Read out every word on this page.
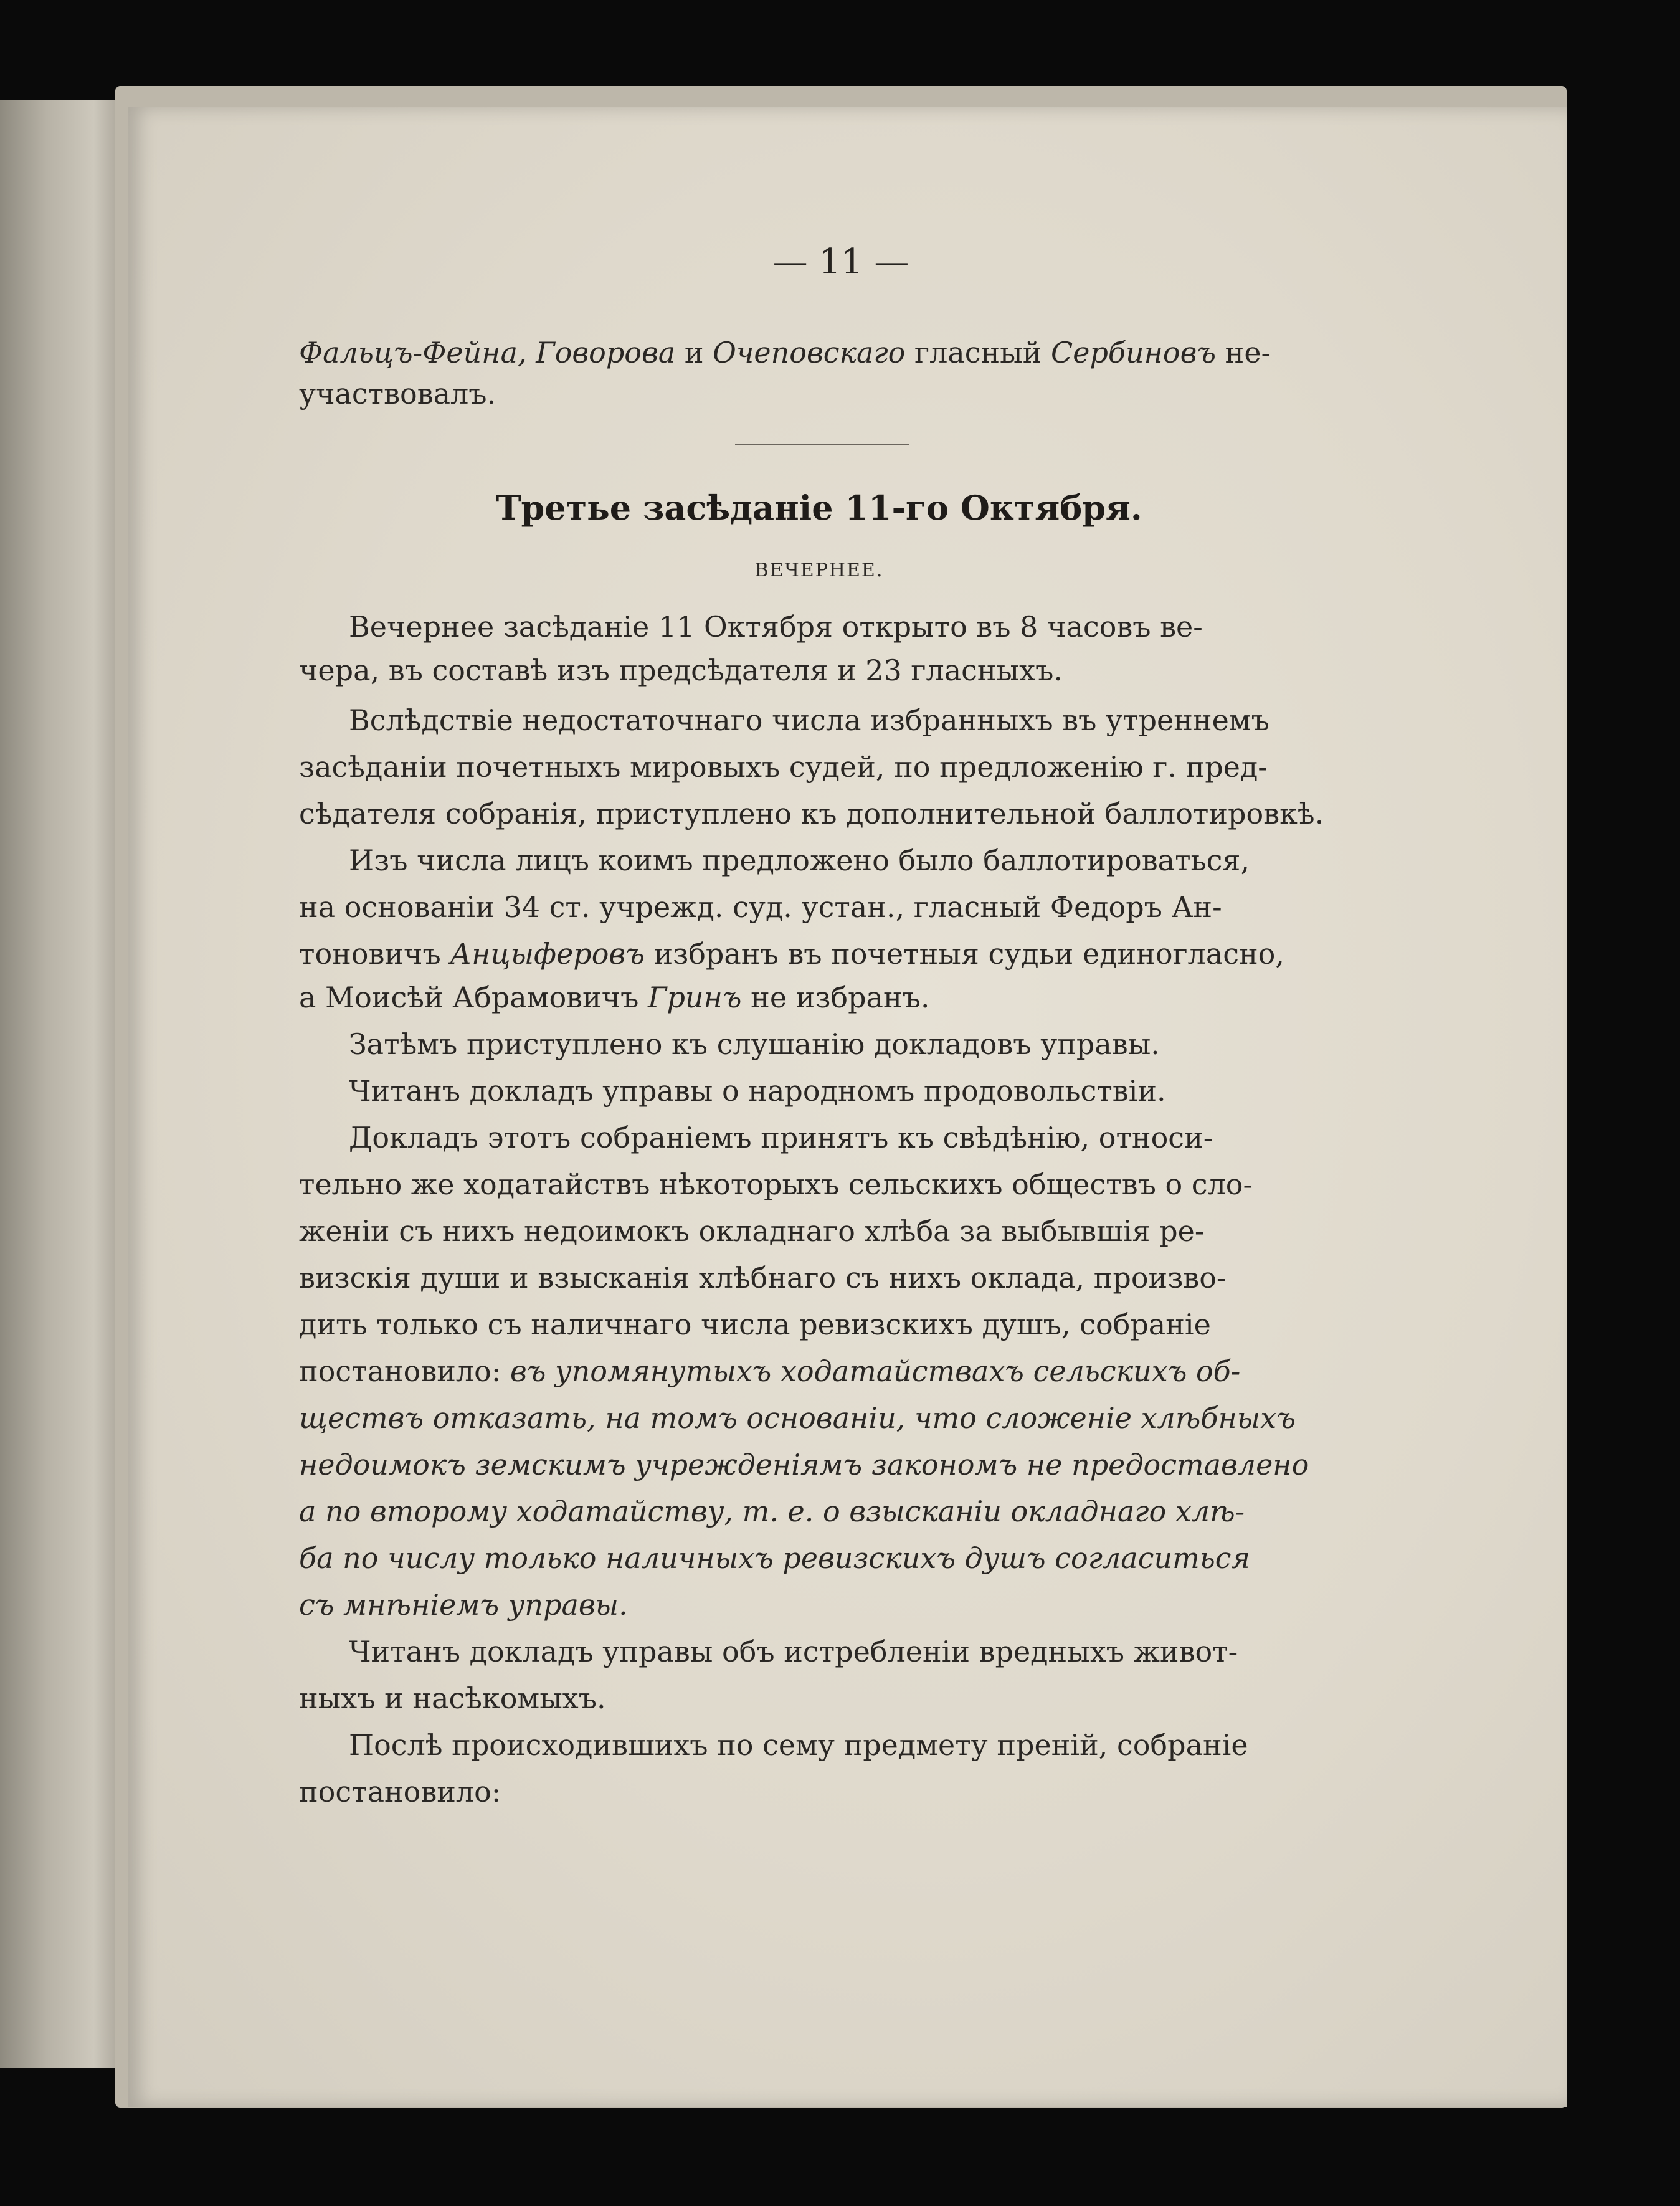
— 11 —
Фальцъ-Фейна, Говорова и Очеповскаго гласный Сербиновъ не-
участвовалъ.
Третье засѣданіе 11-го Октября.
ВЕЧЕРНЕЕ.
Вечернее засѣданіе 11 Октября открыто въ 8 часовъ ве-
чера, въ составѣ изъ предсѣдателя и 23 гласныхъ.
Вслѣдствіе недостаточнаго числа избранныхъ въ утреннемъ
засѣданіи почетныхъ мировыхъ судей, по предложенію г. пред-
сѣдателя собранія, приступлено къ дополнительной баллотировкѣ.
Изъ числа лицъ коимъ предложено было баллотироваться,
на основаніи 34 ст. учрежд. суд. устан., гласный Федоръ Ан-
тоновичъ Анцыферовъ избранъ въ почетныя судьи единогласно,
а Моисѣй Абрамовичъ Гринъ не избранъ.
Затѣмъ приступлено къ слушанію докладовъ управы.
Читанъ докладъ управы о народномъ продовольствіи.
Докладъ этотъ собраніемъ принятъ къ свѣдѣнію, относи-
тельно же ходатайствъ нѣкоторыхъ сельскихъ обществъ о сло-
женіи съ нихъ недоимокъ окладнаго хлѣба за выбывшія ре-
визскія души и взысканія хлѣбнаго съ нихъ оклада, произво-
дить только съ наличнаго числа ревизскихъ душъ, собраніе
постановило: въ упомянутыхъ ходатайствахъ сельскихъ об-
ществъ отказать, на томъ основаніи, что сложеніе хлѣбныхъ
недоимокъ земскимъ учрежденіямъ закономъ не предоставлено
а по второму ходатайству, т. е. о взысканіи окладнаго хлѣ-
ба по числу только наличныхъ ревизскихъ душъ согласиться
съ мнѣніемъ управы.
Читанъ докладъ управы объ истребленіи вредныхъ живот-
ныхъ и насѣкомыхъ.
Послѣ происходившихъ по сему предмету преній, собраніе
постановило:
